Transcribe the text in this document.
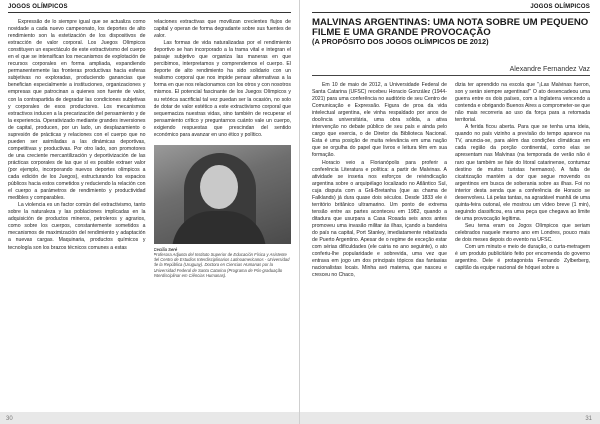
JOGOS OLÍMPICOS

Expressão de lo siempre igual que se actualiza como novidade a cada nuevo campeonato, los deportes de alto rendimiento son la estetización de los dispositivos de extracción de valor corporal. Los Juegos Olímpicos constituyen un espectáculo de este extractivismo del cuerpo en el que se intensifican los mecanismos de explotación de recursos corporales en forma ampliada, expandiendo permanentemente las fronteras productivas hacia esferas subjetivas no exploradas, produciendo ganancias que benefician especialmente a instituciones, organizaciones y empresas que patrocinan a quienes son fuente de valor, con la contrapartida de degradar las condiciones subjetivas y corporales de esos productores. Los mecanismos extractivos inducen a la precarización del pensamiento y de la experiencia. Operativizado mediante grandes inversiones de capital, producen, por un lado, un desplazamiento o supresión de prácticas y relaciones con el cuerpo que no pueden ser asimiladas a las dinámicas deportivas, competitivas y productivas. Por otro lado, son promotores de una creciente mercantilización y deportivización de las prácticas corporales de las que sí es posible extraer valor (por ejemplo, incorporando nuevos deportes olímpicos a cada edición de los Juegos), estructurando los espacios públicos hacia estos cometidos y reduciendo la relación con el cuerpo a parámetros de rendimiento y productividad medibles y comparables.

La violencia es un factor común del extractivismo, tanto sobre la naturaleza y las poblaciones implicadas en la adquisición de productos mineros, petroleros y agrarios, como sobre los cuerpos, constantemente sometidos a mecanismos de maximización del rendimiento y adaptación a nuevas cargas. Maquinaria, productos químicos y tecnología son los brazos técnicos comunes a estas

relaciones extractivas que movilizan crecientes flujos de capital y operan de forma degradante sobre sus fuentes de valor.

Las formas de vida naturalizadas por el rendimiento deportivo se han incorporado a la trama vital e integran el paisaje subjetivo que organiza las maneras en que percibimos, interpretamos y comprendemos el cuerpo. El deporte de alto rendimiento ha sido solidario con un realismo corporal que nos impide pensar alternativas a la forma en que nos relacionamos con los otros y con nosotros mismos. El potencial fascinante de los Juegos Olímpicos y su retórica sacrificial tal vez puedan ser la ocasión, no solo de dotar de valor estético a este extractivismo corporal que sequemaciza nuestras vidas, sino también de recuperar el pensamiento crítico y preguntarnos cuánto vale un cuerpo, exigiendo respuestas que prescindan del sentido económico para avanzar en uno ético y político.

Cecília Seré
Profesora Adjunta del Instituto Superior de Educación Física y Asistente del Centro de Estudios Interdisciplinarios Latinoamericanos - Universidad de la República (Uruguay). Doctora en Ciencias Humanas por la Universidad Federal de Santa Catarina (Programa de Pós-graduação Interdisciplinar em Ciências Humanas).
30
JOGOS OLÍMPICOS
MALVINAS ARGENTINAS: UMA NOTA SOBRE UM PEQUENO FILME E UMA GRANDE PROVOCAÇÃO
(A PROPÓSITO DOS JOGOS OLÍMPICOS DE 2012)
Alexandre Fernandez Vaz

Em 10 de maio de 2012, a Universidade Federal de Santa Catarina (UFSC) recebeu Horacio González (1944-2021) para uma conferência no auditório de seu Centro de Comunicação e Expressão. Figura de proa da vida intelectual argentina, ele vinha respaldado por anos de docência universitária, uma obra sólida, a ativa intervenção no debate público de seu país e ainda pelo cargo que exercia, o de Diretor da Biblioteca Nacional. Esta é uma posição de muita relevância em uma nação que se orgulha do papel que livros e leitura têm em sua formação.

Horacio veio a Florianópolis para proferir a conferência Literatura e política: a partir de Malvinas. A atividade se inseria nos esforços de reivindicação argentina sobre o arquipélago localizado no Atlântico Sul, cuja disputa com a Grã-Bretanha (que as chama de Falklands) já dura quase dois séculos. Desde 1833 ele é território britânico ultramarino. Um ponto de extrema tensão entre as partes aconteceu em 1982, quando a ditadura que usurpara a Casa Rosada seis anos antes promoveu uma invasão militar às ilhas, içando a bandeira do país na capital, Port Stanley, imediatamente rebatizada de Puerto Argentino. Apesar de o regime de exceção estar com sérias dificuldades (ele cairia no ano seguinte), o ato conferiu-lhe popularidade e sobrevida, uma vez que entrava em jogo um dos principais tópicos das fantasias nacionalistas locais. Minha avó materna, que nasceu e cresceu no Chaco,

dizia ter aprendido na escola que "¡Las Malvinas fueron, son y serán siempre argentinas!" O ato desencadeou uma guerra entre os dois países, com a Inglaterra vencendo a contenda e obrigando Buenos Aires a comprometer-se que não mais recorreria ao uso da força para a retomada territorial.

A ferida ficou aberta. Para que se tenha uma ideia, quando no país vizinho a previsão do tempo aparece na TV, anuncia-se, para além das condições climáticas em cada região da porção continental, como elas se apresentam nas Malvinas (na temporada de verão não é raro que também se fale do litoral catarinense, contumaz destino de muitos turistas hermanos). A falta de cicatrização mantém a dor que segue movendo os argentinos em busca de soberania sobre as ilhas. Foi no interior desta senda que a conferência de Horacio se desenvolveu. Lá pelas tantas, na agradável manhã de uma quinta-feira outonal, ele mostrou um vídeo breve (1 min), seguindo classificou, era uma peça que chegava ao limite de uma provocação legítima.

Seu tema eram os Jogos Olímpicos que seriam celebrados naquele mesmo ano em Londres, pouco mais de dois meses depois do evento na UFSC.

Com um minuto e meio de duração, o curta-metragem é um produto publicitário feito por encomenda do governo argentino. Dele é protagonista Fernando Zylberberg, capitão da equipe nacional de hóquei sobre a

31
